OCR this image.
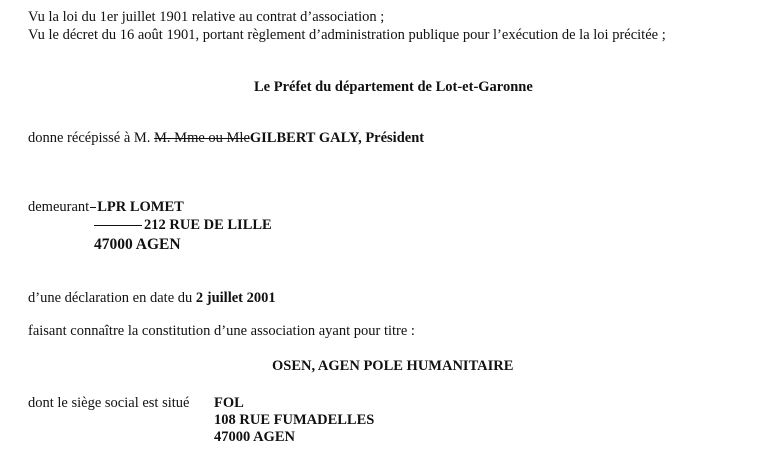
Vu la loi du 1er juillet 1901 relative au contrat d’association ;
Vu le décret du 16 août 1901, portant règlement d’administration publique pour l’exécution de la loi précitée ;
Le Préfet du département de Lot-et-Garonne
donne récépissé à M. M. Mme ou MleGILBERT GALY, Président
demeurant LPR LOMET
212 RUE DE LILLE
47000 AGEN
d’une déclaration en date du 2 juillet 2001
faisant connaître la constitution d’une association ayant pour titre :
OSEN, AGEN POLE HUMANITAIRE
dont le siège social est situé FOL
108 RUE FUMADELLES
47000 AGEN
